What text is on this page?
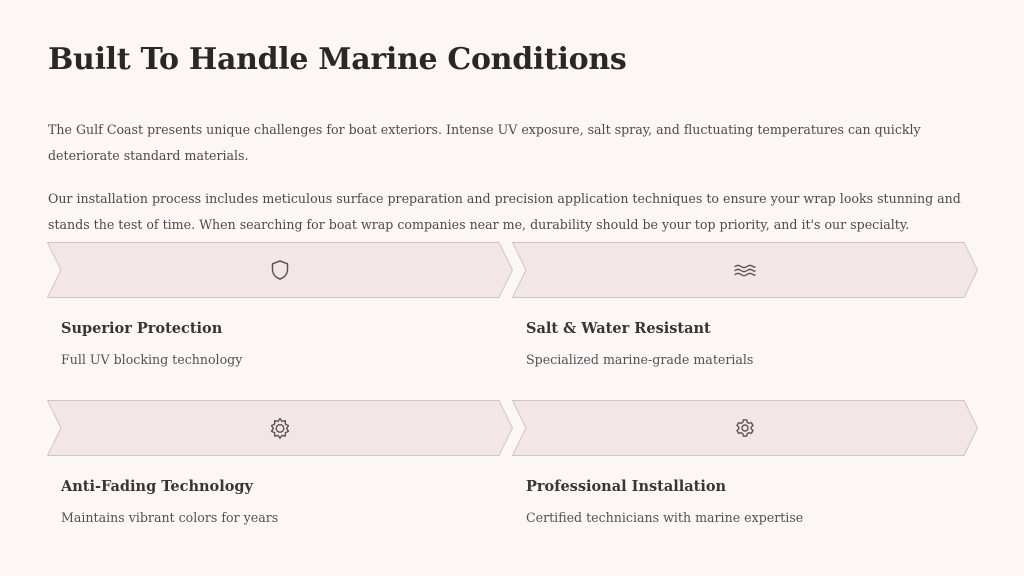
Built To Handle Marine Conditions

The Gulf Coast presents unique challenges for boat exteriors. Intense UV exposure, salt spray, and fluctuating temperatures can quickly deteriorate standard materials.

Our installation process includes meticulous surface preparation and precision application techniques to ensure your wrap looks stunning and stands the test of time. When searching for boat wrap companies near me, durability should be your top priority, and it's our specialty.

Superior Protection

Full UV blocking technology

Salt & Water Resistant

Specialized marine-grade materials

Anti-Fading Technology

Maintains vibrant colors for years

Professional Installation

Certified technicians with marine expertise
